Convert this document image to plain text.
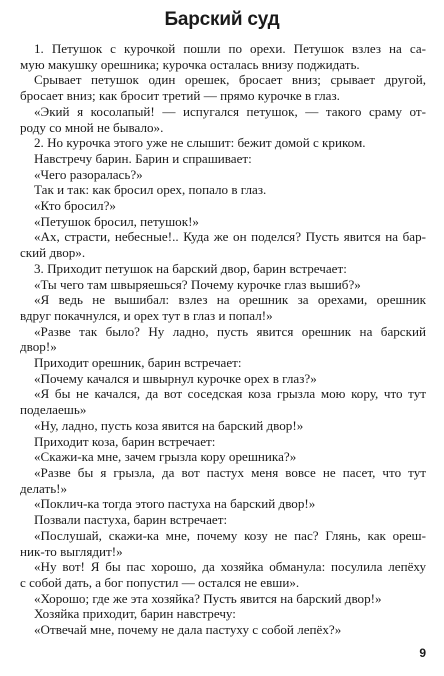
Барский суд
1. Петушок с курочкой пошли по орехи. Петушок взлез на са-
мую макушку орешника; курочка осталась внизу поджидать.
Срывает петушок один орешек, бросает вниз; срывает другой,
бросает вниз; как бросит третий — прямо курочке в глаз.
«Экий я косолапый! — испугался петушок, — такого сраму от-
роду со мной не бывало».
2. Но курочка этого уже не слышит: бежит домой с криком.
Навстречу барин. Барин и спрашивает:
«Чего разоралась?»
Так и так: как бросил орех, попало в глаз.
«Кто бросил?»
«Петушок бросил, петушок!»
«Ах, страсти, небесные!.. Куда же он поделся? Пусть явится на бар-
ский двор».
3. Приходит петушок на барский двор, барин встречает:
«Ты чего там швыряешься? Почему курочке глаз вышиб?»
«Я ведь не вышибал: взлез на орешник за орехами, орешник
вдруг покачнулся, и орех тут в глаз и попал!»
«Разве так было? Ну ладно, пусть явится орешник на барский
двор!»
Приходит орешник, барин встречает:
«Почему качался и швырнул курочке орех в глаз?»
«Я бы не качался, да вот соседская коза грызла мою кору, что тут
поделаешь»
«Ну, ладно, пусть коза явится на барский двор!»
Приходит коза, барин встречает:
«Скажи-ка мне, зачем грызла кору орешника?»
«Разве бы я грызла, да вот пастух меня вовсе не пасет, что тут
делать!»
«Поклич-ка тогда этого пастуха на барский двор!»
Позвали пастуха, барин встречает:
«Послушай, скажи-ка мне, почему козу не пас? Глянь, как ореш-
ник-то выглядит!»
«Ну вот! Я бы пас хорошо, да хозяйка обманула: посулила лепёху
с собой дать, а бог попустил — остался не евши».
«Хорошо; где же эта хозяйка? Пусть явится на барский двор!»
Хозяйка приходит, барин навстречу:
«Отвечай мне, почему не дала пастуху с собой лепёх?»
9
